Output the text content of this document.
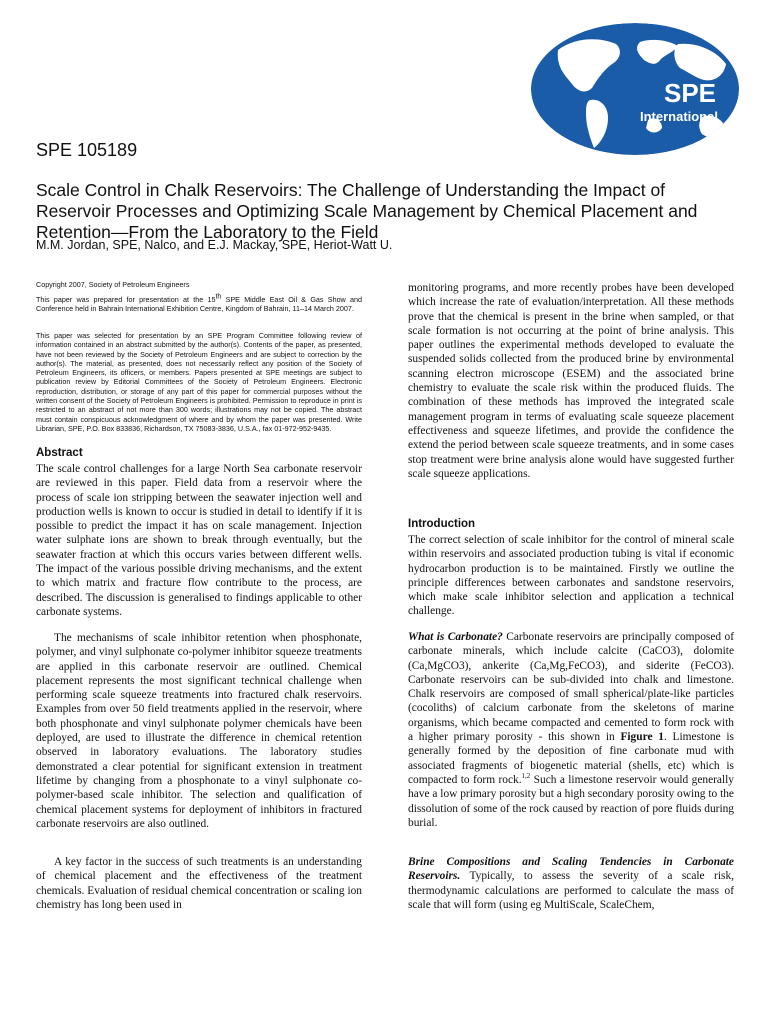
SPE
International
SPE 105189
Scale Control in Chalk Reservoirs: The Challenge of Understanding the Impact of Reservoir Processes and Optimizing Scale Management by Chemical Placement and Retention—From the Laboratory to the Field
M.M. Jordan, SPE, Nalco, and E.J. Mackay, SPE, Heriot-Watt U.

Copyright 2007, Society of Petroleum Engineers

This paper was prepared for presentation at the 15th SPE Middle East Oil & Gas Show and Conference held in Bahrain International Exhibition Centre, Kingdom of Bahrain, 11–14 March 2007.

This paper was selected for presentation by an SPE Program Committee following review of information contained in an abstract submitted by the author(s). Contents of the paper, as presented, have not been reviewed by the Society of Petroleum Engineers and are subject to correction by the author(s). The material, as presented, does not necessarily reflect any position of the Society of Petroleum Engineers, its officers, or members. Papers presented at SPE meetings are subject to publication review by Editorial Committees of the Society of Petroleum Engineers. Electronic reproduction, distribution, or storage of any part of this paper for commercial purposes without the written consent of the Society of Petroleum Engineers is prohibited. Permission to reproduce in print is restricted to an abstract of not more than 300 words; illustrations may not be copied. The abstract must contain conspicuous acknowledgment of where and by whom the paper was presented. Write Librarian, SPE, P.O. Box 833836, Richardson, TX 75083-3836, U.S.A., fax 01-972-952-9435.

Abstract

The scale control challenges for a large North Sea carbonate reservoir are reviewed in this paper. Field data from a reservoir where the process of scale ion stripping between the seawater injection well and production wells is known to occur is studied in detail to identify if it is possible to predict the impact it has on scale management. Injection water sulphate ions are shown to break through eventually, but the seawater fraction at which this occurs varies between different wells. The impact of the various possible driving mechanisms, and the extent to which matrix and fracture flow contribute to the process, are described. The discussion is generalised to findings applicable to other carbonate systems.

The mechanisms of scale inhibitor retention when phosphonate, polymer, and vinyl sulphonate co-polymer inhibitor squeeze treatments are applied in this carbonate reservoir are outlined. Chemical placement represents the most significant technical challenge when performing scale squeeze treatments into fractured chalk reservoirs. Examples from over 50 field treatments applied in the reservoir, where both phosphonate and vinyl sulphonate polymer chemicals have been deployed, are used to illustrate the difference in chemical retention observed in laboratory evaluations. The laboratory studies demonstrated a clear potential for significant extension in treatment lifetime by changing from a phosphonate to a vinyl sulphonate co-polymer-based scale inhibitor. The selection and qualification of chemical placement systems for deployment of inhibitors in fractured carbonate reservoirs are also outlined.

A key factor in the success of such treatments is an understanding of chemical placement and the effectiveness of the treatment chemicals. Evaluation of residual chemical concentration or scaling ion chemistry has long been used in

monitoring programs, and more recently probes have been developed which increase the rate of evaluation/interpretation. All these methods prove that the chemical is present in the brine when sampled, or that scale formation is not occurring at the point of brine analysis. This paper outlines the experimental methods developed to evaluate the suspended solids collected from the produced brine by environmental scanning electron microscope (ESEM) and the associated brine chemistry to evaluate the scale risk within the produced fluids. The combination of these methods has improved the integrated scale management program in terms of evaluating scale squeeze placement effectiveness and squeeze lifetimes, and provide the confidence the extend the period between scale squeeze treatments, and in some cases stop treatment were brine analysis alone would have suggested further scale squeeze applications.

Introduction

The correct selection of scale inhibitor for the control of mineral scale within reservoirs and associated production tubing is vital if economic hydrocarbon production is to be maintained. Firstly we outline the principle differences between carbonates and sandstone reservoirs, which make scale inhibitor selection and application a technical challenge.

What is Carbonate? Carbonate reservoirs are principally composed of carbonate minerals, which include calcite (CaCO3), dolomite (Ca,MgCO3), ankerite (Ca,Mg,FeCO3), and siderite (FeCO3). Carbonate reservoirs can be sub-divided into chalk and limestone. Chalk reservoirs are composed of small spherical/plate-like particles (cocoliths) of calcium carbonate from the skeletons of marine organisms, which became compacted and cemented to form rock with a higher primary porosity - this shown in Figure 1. Limestone is generally formed by the deposition of fine carbonate mud with associated fragments of biogenetic material (shells, etc) which is compacted to form rock.$^{1,2}$ Such a limestone reservoir would generally have a low primary porosity but a high secondary porosity owing to the dissolution of some of the rock caused by reaction of pore fluids during burial.

Brine Compositions and Scaling Tendencies in Carbonate Reservoirs. Typically, to assess the severity of a scale risk, thermodynamic calculations are performed to calculate the mass of scale that will form (using eg MultiScale, ScaleChem,
